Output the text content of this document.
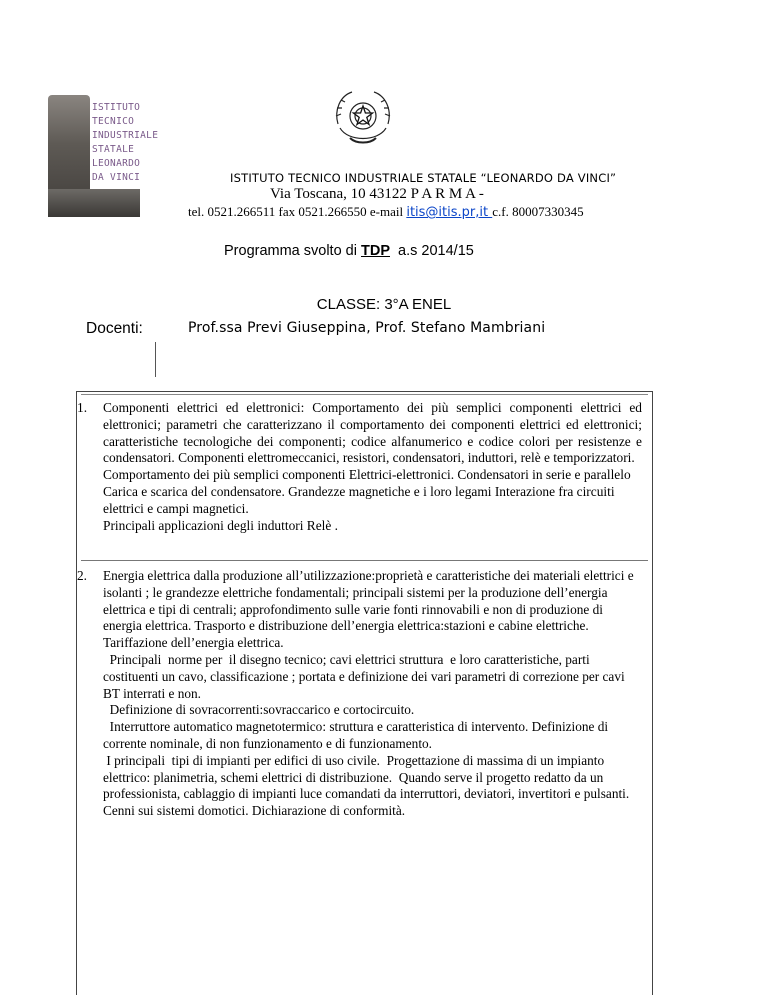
ISTITUTO
TECNICO
INDUSTRIALE
STATALE
LEONARDO
DA VINCI	ISTITUTO TECNICO INDUSTRIALE STATALE “LEONARDO DA VINCI”
Via Toscana, 10 43122 P A R M A -
tel. 0521.266511 fax 0521.266550 e-mail itis@itis.pr,it c.f. 80007330345
Programma svolto di TDP  a.s 2014/15
CLASSE: 3°A ENEL
Docenti:	Prof.ssa Previ Giuseppina, Prof. Stefano Mambriani
1. Componenti elettrici ed elettronici: Comportamento dei più semplici componenti elettrici ed elettronici; parametri che caratterizzano il comportamento dei componenti elettrici ed elettronici; caratteristiche tecnologiche dei componenti; codice alfanumerico e codice colori per resistenze e condensatori. Componenti elettromeccanici, resistori, condensatori, induttori, relè e temporizzatori.

Comportamento dei più semplici componenti Elettrici-elettronici. Condensatori in serie e parallelo Carica e scarica del condensatore. Grandezze magnetiche e i loro legami Interazione fra circuiti elettrici e campi magnetici.

Principali applicazioni degli induttori Relè .

2. Energia elettrica dalla produzione all’utilizzazione:proprietà e caratteristiche dei materiali elettrici e isolanti ; le grandezze elettriche fondamentali; principali sistemi per la produzione dell’energia elettrica e tipi di centrali; approfondimento sulle varie fonti rinnovabili e non di produzione di energia elettrica. Trasporto e distribuzione dell’energia elettrica:stazioni e cabine elettriche. Tariffazione dell’energia elettrica.

Principali  norme per  il disegno tecnico; cavi elettrici struttura  e loro caratteristiche, parti costituenti un cavo, classificazione ; portata e definizione dei vari parametri di correzione per cavi BT interrati e non.

Definizione di sovracorrenti:sovraccarico e cortocircuito.

Interruttore automatico magnetotermico: struttura e caratteristica di intervento. Definizione di corrente nominale, di non funzionamento e di funzionamento.

I principali  tipi di impianti per edifici di uso civile.  Progettazione di massima di un impianto elettrico: planimetria, schemi elettrici di distribuzione.  Quando serve il progetto redatto da un professionista, cablaggio di impianti luce comandati da interruttori, deviatori, invertitori e pulsanti.  Cenni sui sistemi domotici. Dichiarazione di conformità.
